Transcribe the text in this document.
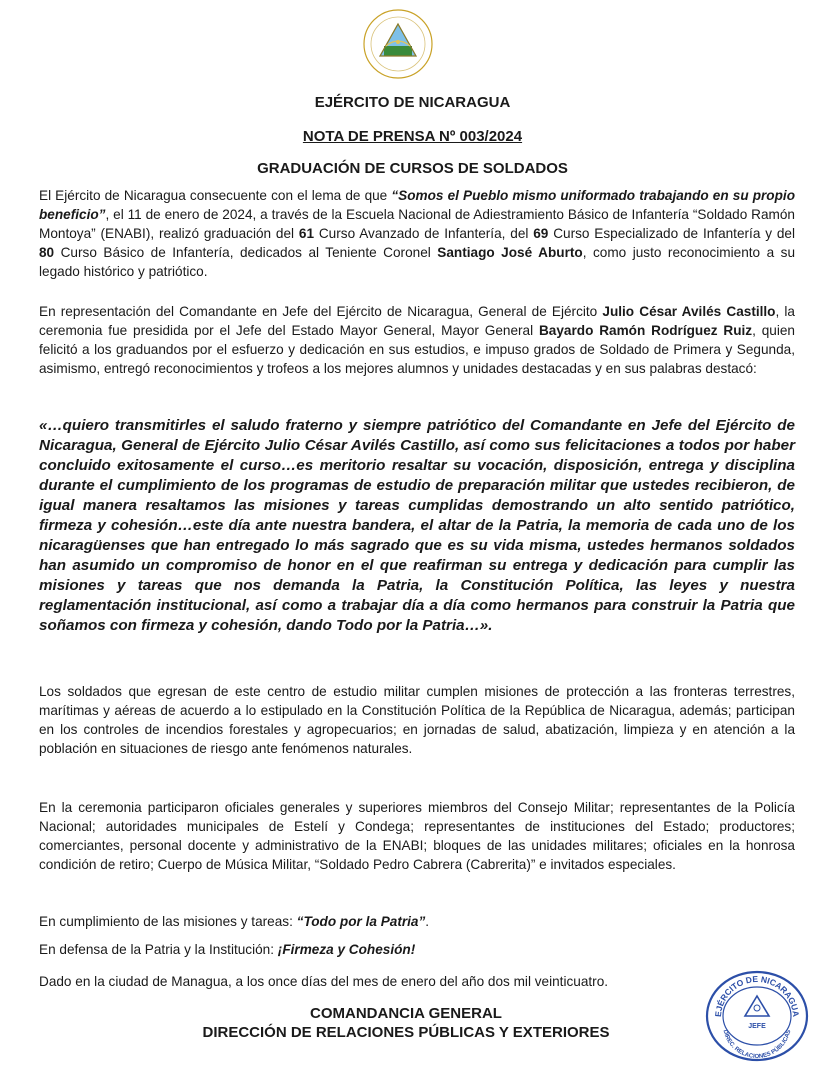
EJÉRCITO DE NICARAGUA
NOTA DE PRENSA Nº 003/2024
GRADUACIÓN DE CURSOS DE SOLDADOS

El Ejército de Nicaragua consecuente con el lema de que “Somos el Pueblo mismo uniformado trabajando en su propio beneficio”, el 11 de enero de 2024, a través de la Escuela Nacional de Adiestramiento Básico de Infantería “Soldado Ramón Montoya” (ENABI), realizó graduación del 61 Curso Avanzado de Infantería, del 69 Curso Especializado de Infantería y del 80 Curso Básico de Infantería, dedicados al Teniente Coronel Santiago José Aburto, como justo reconocimiento a su legado histórico y patriótico.

En representación del Comandante en Jefe del Ejército de Nicaragua, General de Ejército Julio César Avilés Castillo, la ceremonia fue presidida por el Jefe del Estado Mayor General, Mayor General Bayardo Ramón Rodríguez Ruiz, quien felicitó a los graduandos por el esfuerzo y dedicación en sus estudios, e impuso grados de Soldado de Primera y Segunda, asimismo, entregó reconocimientos y trofeos a los mejores alumnos y unidades destacadas y en sus palabras destacó:

«…quiero transmitirles el saludo fraterno y siempre patriótico del Comandante en Jefe del Ejército de Nicaragua, General de Ejército Julio César Avilés Castillo, así como sus felicitaciones a todos por haber concluido exitosamente el curso…es meritorio resaltar su vocación, disposición, entrega y disciplina durante el cumplimiento de los programas de estudio de preparación militar que ustedes recibieron, de igual manera resaltamos las misiones y tareas cumplidas demostrando un alto sentido patriótico, firmeza y cohesión…este día ante nuestra bandera, el altar de la Patria, la memoria de cada uno de los nicaragüenses que han entregado lo más sagrado que es su vida misma, ustedes hermanos soldados han asumido un compromiso de honor en el que reafirman su entrega y dedicación para cumplir las misiones y tareas que nos demanda la Patria, la Constitución Política, las leyes y nuestra reglamentación institucional, así como a trabajar día a día como hermanos para construir la Patria que soñamos con firmeza y cohesión, dando Todo por la Patria…».

Los soldados que egresan de este centro de estudio militar cumplen misiones de protección a las fronteras terrestres, marítimas y aéreas de acuerdo a lo estipulado en la Constitución Política de la República de Nicaragua, además; participan en los controles de incendios forestales y agropecuarios; en jornadas de salud, abatización, limpieza y en atención a la población en situaciones de riesgo ante fenómenos naturales.

En la ceremonia participaron oficiales generales y superiores miembros del Consejo Militar; representantes de la Policía Nacional; autoridades municipales de Estelí y Condega; representantes de instituciones del Estado; productores; comerciantes, personal docente y administrativo de la ENABI; bloques de las unidades militares; oficiales en la honrosa condición de retiro; Cuerpo de Música Militar, “Soldado Pedro Cabrera (Cabrerita)” e invitados especiales.

En cumplimiento de las misiones y tareas: “Todo por la Patria”.

En defensa de la Patria y la Institución: ¡Firmeza y Cohesión!

Dado en la ciudad de Managua, a los once días del mes de enero del año dos mil veinticuatro.

COMANDANCIA GENERAL
DIRECCIÓN DE RELACIONES PÚBLICAS Y EXTERIORES
EJÉRCITO DE NICARAGUA
DIREC. RELACIONES PÚBLICAS
JEFE
